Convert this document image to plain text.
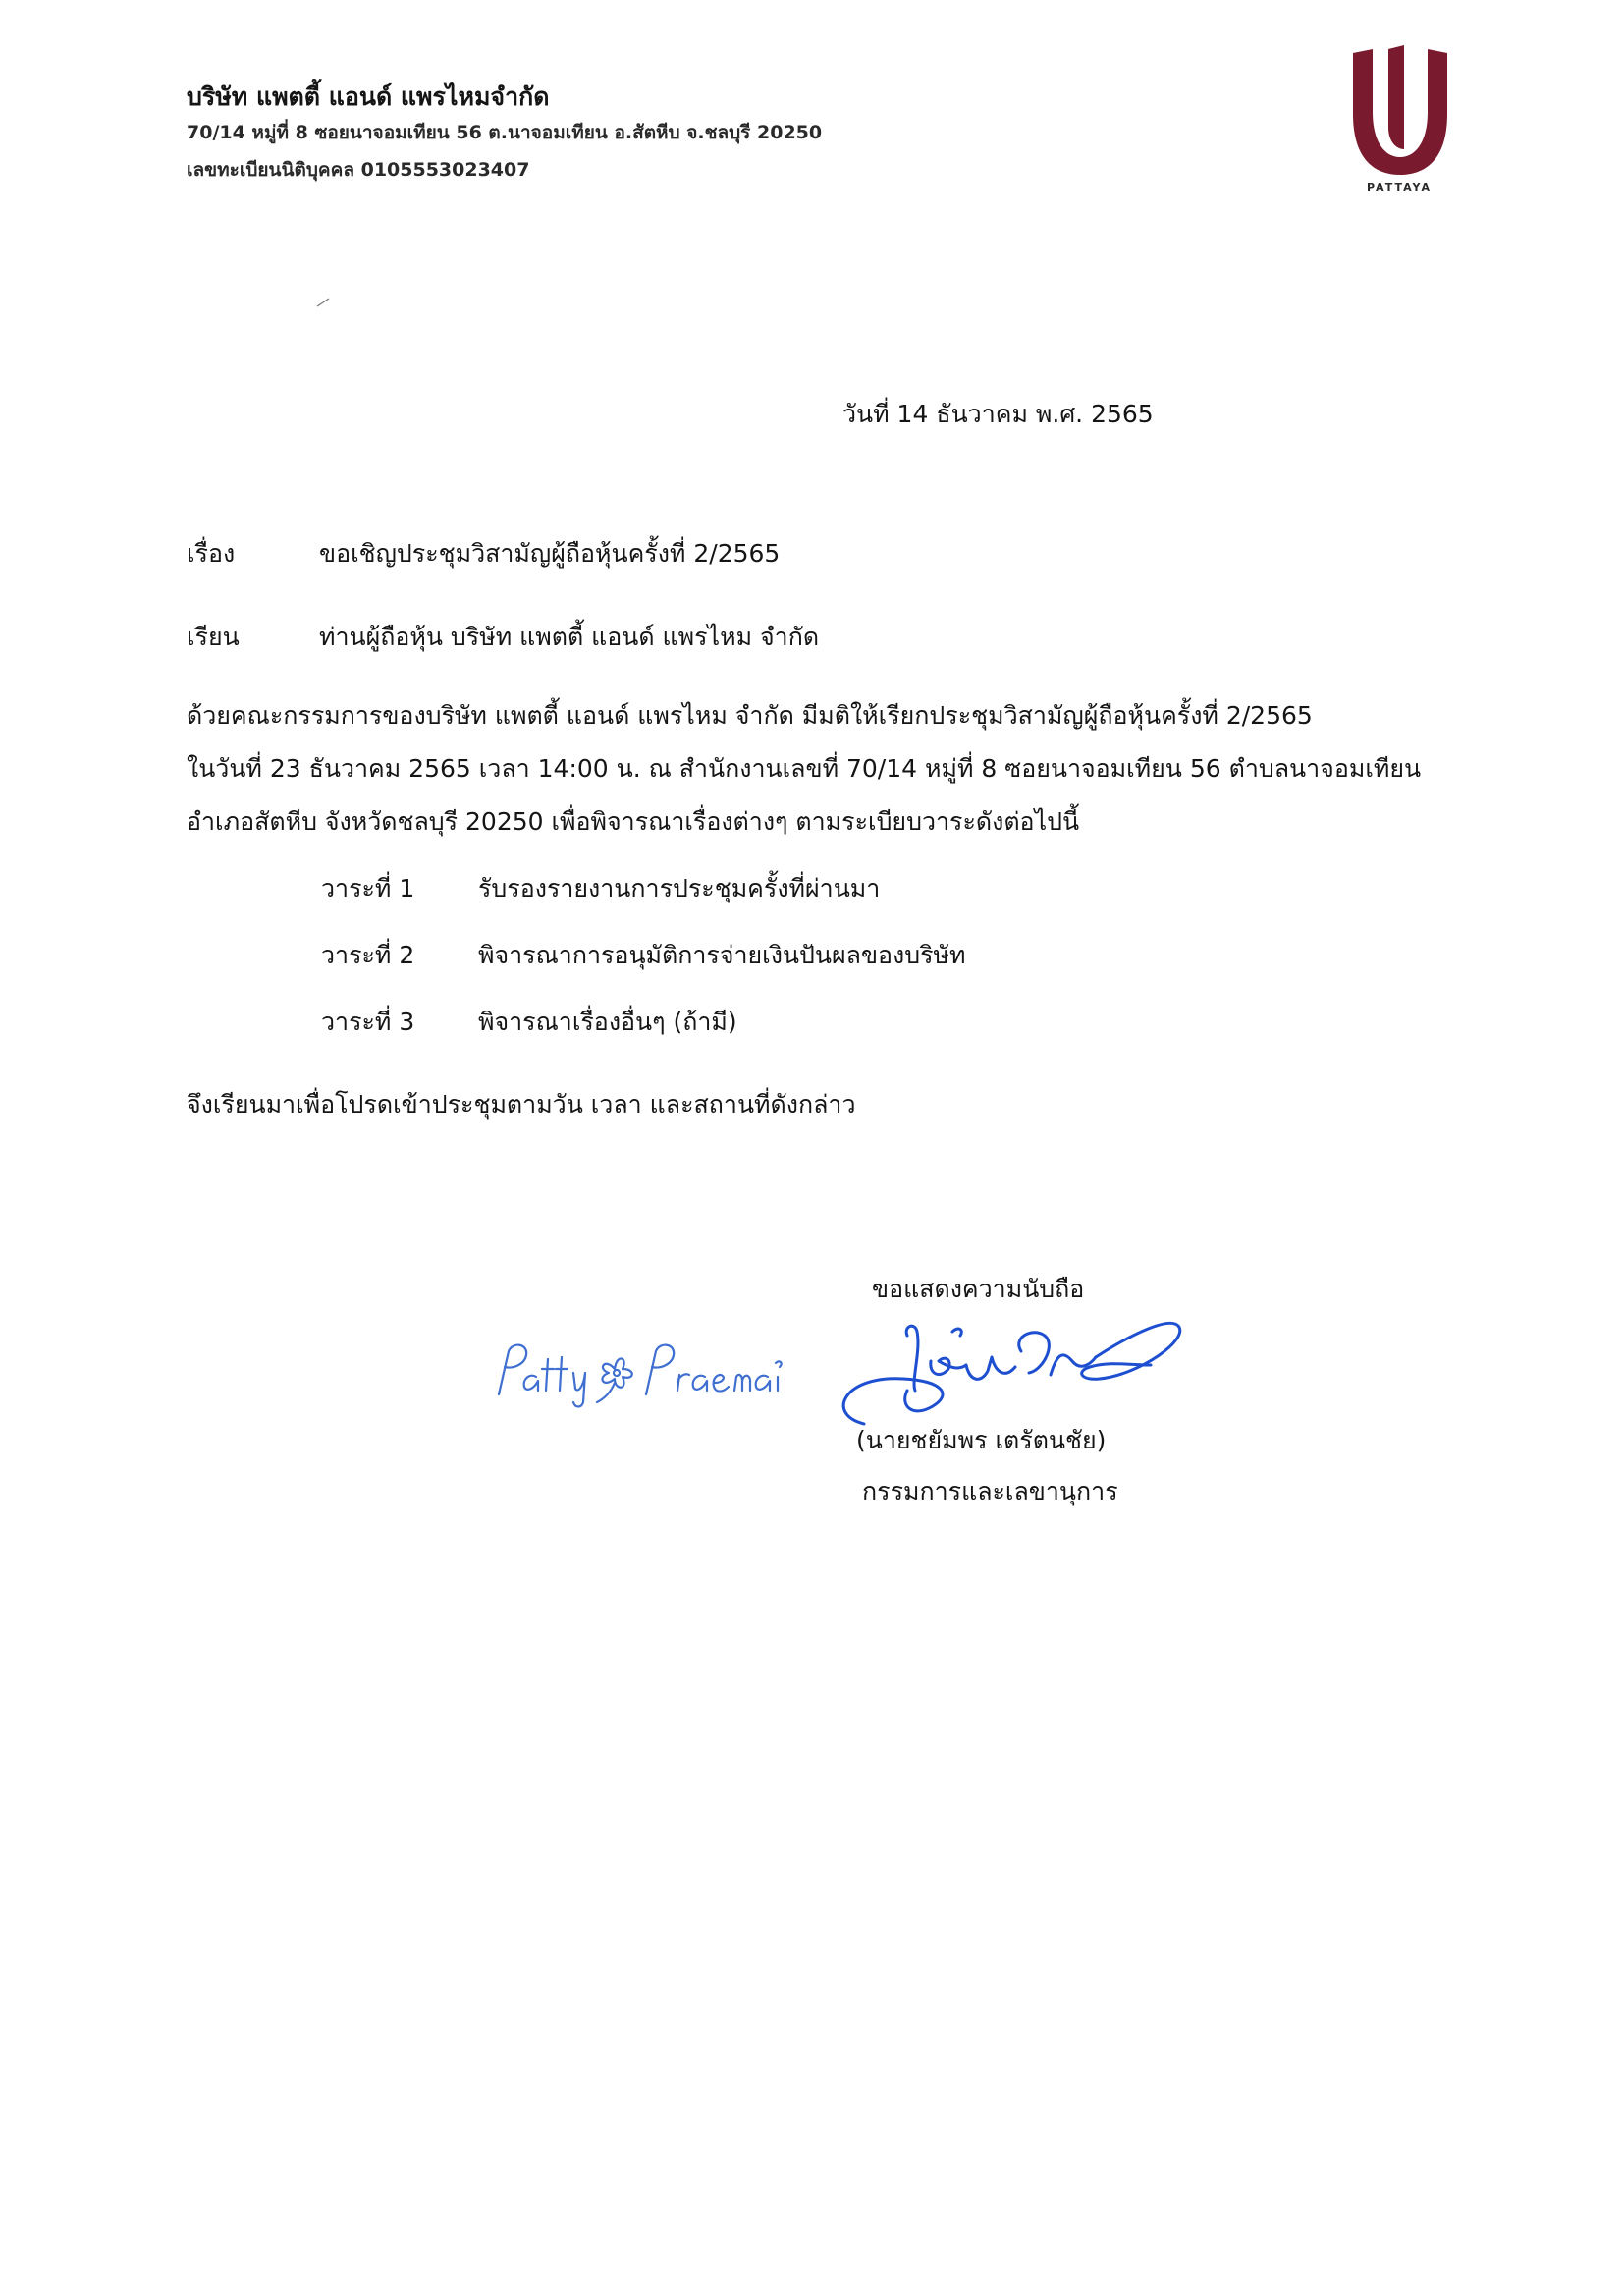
บริษัท แพตตี้ แอนด์ แพรไหมจำกัด
70/14 หมู่ที่ 8 ซอยนาจอมเทียน 56 ต.นาจอมเทียน อ.สัตหีบ จ.ชลบุรี 20250
เลขทะเบียนนิติบุคคล 0105553023407
PATTAYA
วันที่ 14 ธันวาคม พ.ศ. 2565
เรื่อง	ขอเชิญประชุมวิสามัญผู้ถือหุ้นครั้งที่ 2/2565
เรียน	ท่านผู้ถือหุ้น บริษัท แพตตี้ แอนด์ แพรไหม จำกัด
ด้วยคณะกรรมการของบริษัท แพตตี้ แอนด์ แพรไหม จำกัด มีมติให้เรียกประชุมวิสามัญผู้ถือหุ้นครั้งที่ 2/2565
ในวันที่ 23 ธันวาคม 2565 เวลา 14:00 น. ณ สำนักงานเลขที่ 70/14 หมู่ที่ 8 ซอยนาจอมเทียน 56 ตำบลนาจอมเทียน
อำเภอสัตหีบ จังหวัดชลบุรี 20250 เพื่อพิจารณาเรื่องต่างๆ ตามระเบียบวาระดังต่อไปนี้
วาระที่ 1	รับรองรายงานการประชุมครั้งที่ผ่านมา
วาระที่ 2	พิจารณาการอนุมัติการจ่ายเงินปันผลของบริษัท
วาระที่ 3	พิจารณาเรื่องอื่นๆ (ถ้ามี)
จึงเรียนมาเพื่อโปรดเข้าประชุมตามวัน เวลา และสถานที่ดังกล่าว
ขอแสดงความนับถือ
(นายชยัมพร เตรัตนชัย)
กรรมการและเลขานุการ
